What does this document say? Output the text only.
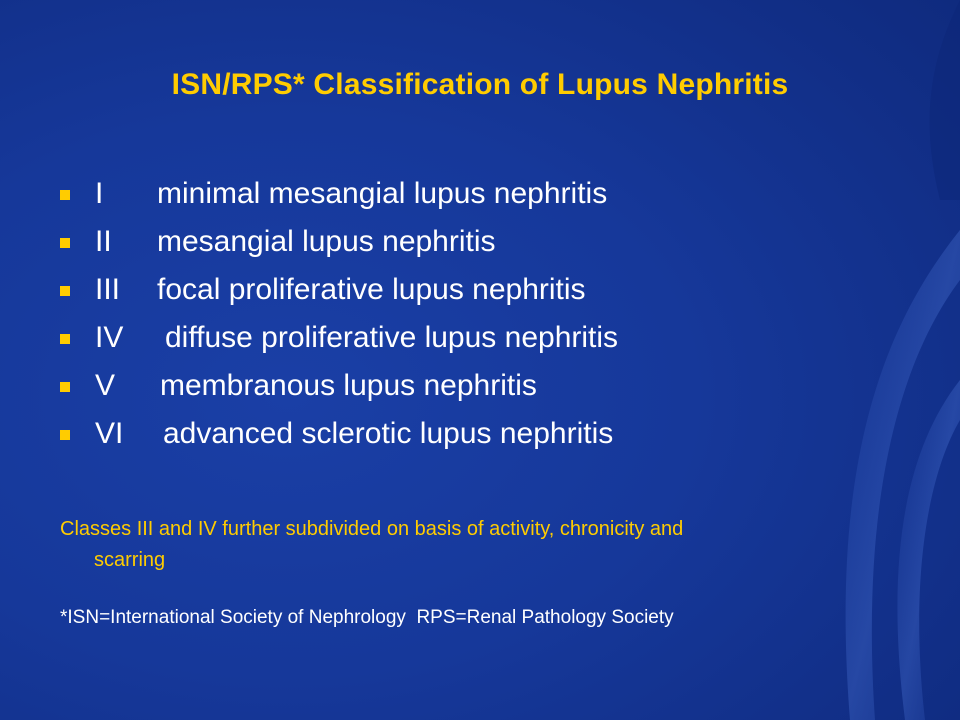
ISN/RPS* Classification of Lupus Nephritis
I minimal mesangial lupus nephritis
II mesangial lupus nephritis
III focal proliferative lupus nephritis
IV diffuse proliferative lupus nephritis
V membranous lupus nephritis
VI advanced sclerotic lupus nephritis
Classes III and IV further subdivided on basis of activity, chronicity and
scarring
*ISN=International Society of Nephrology  RPS=Renal Pathology Society
